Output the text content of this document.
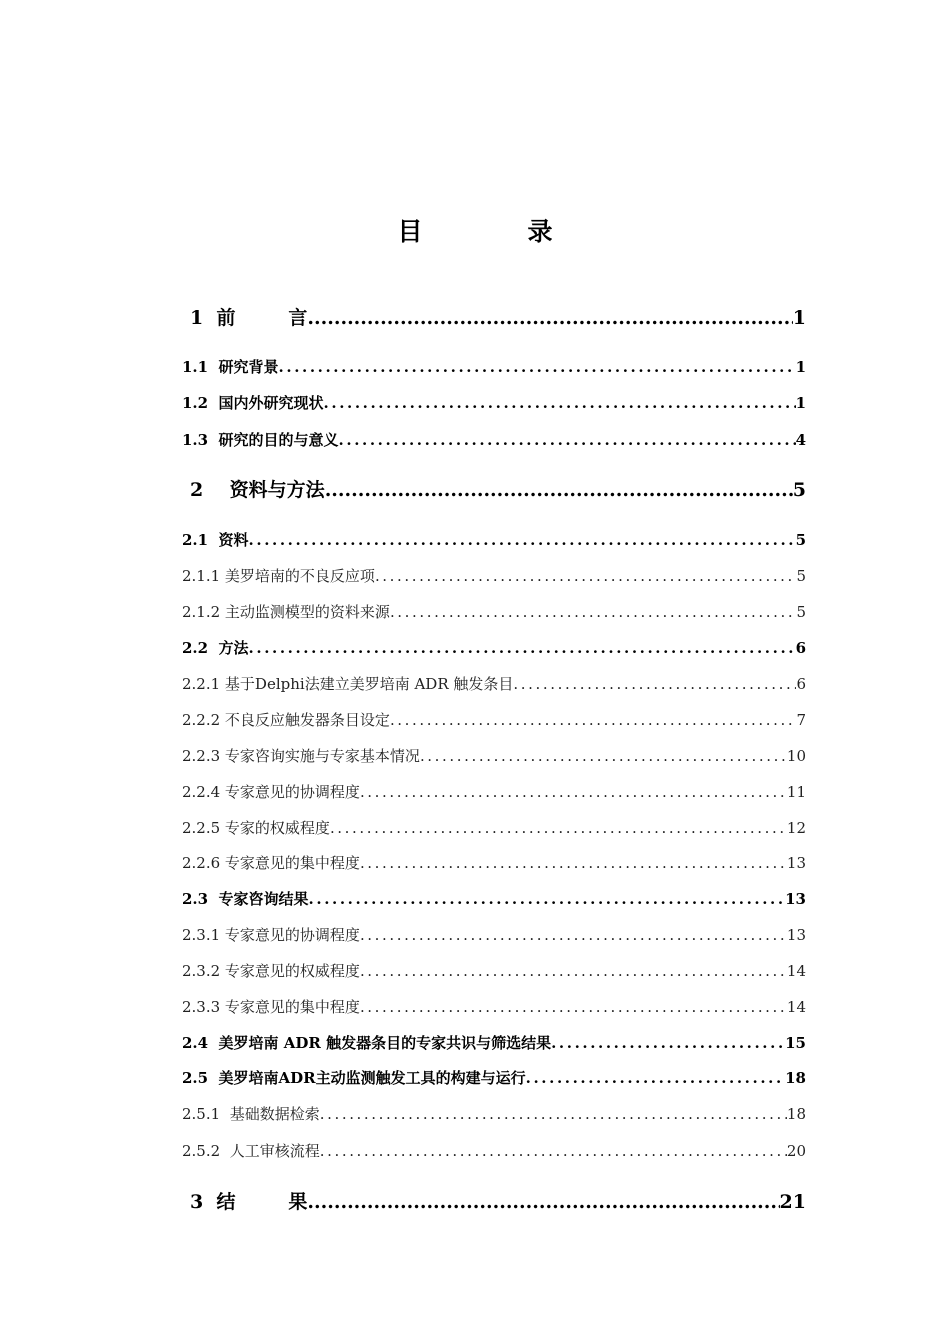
目　录
1  前        言 .....	1
1.1  研究背景 .....	1
1.2  国内外研究现状 .....	1
1.3  研究的目的与意义 .....	4
2    资料与方法 .....	5
2.1  资料 .....	5
2.1.1 美罗培南的不良反应项 .....	5
2.1.2 主动监测模型的资料来源 .....	5
2.2  方法 .....	6
2.2.1 基于Delphi法建立美罗培南 ADR 触发条目 .....	6
2.2.2 不良反应触发器条目设定 .....	7
2.2.3 专家咨询实施与专家基本情况 .....	10
2.2.4 专家意见的协调程度 .....	11
2.2.5 专家的权威程度 .....	12
2.2.6 专家意见的集中程度 .....	13
2.3  专家咨询结果 .....	13
2.3.1 专家意见的协调程度 .....	13
2.3.2 专家意见的权威程度 .....	14
2.3.3 专家意见的集中程度 .....	14
2.4  美罗培南 ADR 触发器条目的专家共识与筛选结果 .....	15
2.5  美罗培南ADR主动监测触发工具的构建与运行 .....	18
2.5.1  基础数据检索 .....	18
2.5.2  人工审核流程 .....	20
3  结        果 .....	21
